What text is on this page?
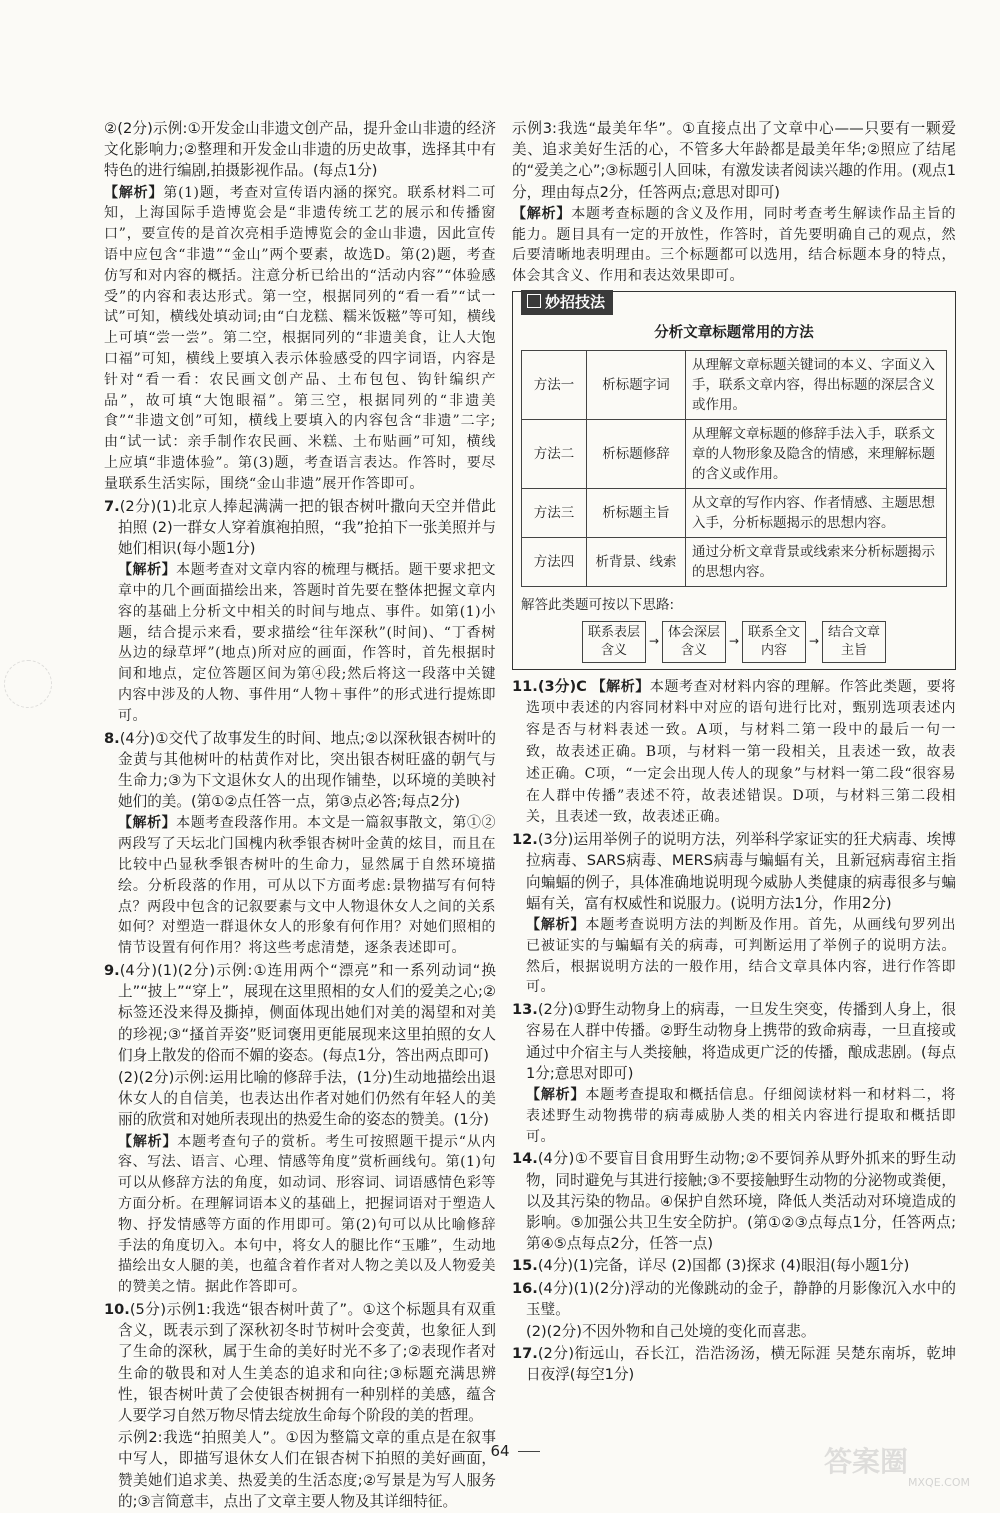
②(2分)示例:①开发金山非遗文创产品，提升金山非遗的经济文化影响力;②整理和开发金山非遗的历史故事，选择其中有特色的进行编剧,拍摄影视作品。(每点1分)

【解析】第(1)题，考查对宣传语内涵的探究。联系材料二可知，上海国际手造博览会是“非遗传统工艺的展示和传播窗口”，要宣传的是首次亮相手造博览会的金山非遗，因此宣传语中应包含“非遗”“金山”两个要素，故选D。第(2)题，考查仿写和对内容的概括。注意分析已给出的“活动内容”“体验感受”的内容和表达形式。第一空，根据同列的“看一看”“试一试”可知，横线处填动词;由“白龙糕、糯米饭糍”等可知，横线上可填“尝一尝”。第二空，根据同列的“非遗美食，让人大饱口福”可知，横线上要填入表示体验感受的四字词语，内容是针对“看一看：农民画文创产品、土布包包、钩针编织产品”，故可填“大饱眼福”。第三空，根据同列的“非遗美食”“非遗文创”可知，横线上要填入的内容包含“非遗”二字;由“试一试：亲手制作农民画、米糕、土布贴画”可知，横线上应填“非遗体验”。第(3)题，考查语言表达。作答时，要尽量联系生活实际，围绕“金山非遗”展开作答即可。

7.(2分)(1)北京人捧起满满一把的银杏树叶撒向天空并借此拍照 (2)一群女人穿着旗袍拍照，“我”抢拍下一张美照并与她们相识(每小题1分)

【解析】本题考查对文章内容的梳理与概括。题干要求把文章中的几个画面描绘出来，答题时首先要在整体把握文章内容的基础上分析文中相关的时间与地点、事件。如第(1)小题，结合提示来看，要求描绘“往年深秋”(时间)、“丁香树丛边的绿草坪”(地点)所对应的画面，作答时，首先根据时间和地点，定位答题区间为第④段;然后将这一段落中关键内容中涉及的人物、事件用“人物＋事件”的形式进行提炼即可。

8.(4分)①交代了故事发生的时间、地点;②以深秋银杏树叶的金黄与其他树叶的枯黄作对比，突出银杏树旺盛的朝气与生命力;③为下文退休女人的出现作铺垫，以环境的美映衬她们的美。(第①②点任答一点，第③点必答;每点2分)

【解析】本题考查段落作用。本文是一篇叙事散文，第①②两段写了天坛北门国槐内秋季银杏树叶金黄的炫目，而且在比较中凸显秋季银杏树叶的生命力，显然属于自然环境描绘。分析段落的作用，可从以下方面考虑:景物描写有何特点？两段中包含的记叙要素与文中人物退休女人之间的关系如何？对塑造一群退休女人的形象有何作用？对她们照相的情节设置有何作用？将这些考虑清楚，逐条表述即可。

9.(4分)(1)(2分)示例:①连用两个“漂亮”和一系列动词“换上”“披上”“穿上”，展现在这里照相的女人们的爱美之心;②标签还没来得及撕掉，侧面体现出她们对美的渴望和对美的珍视;③“搔首弄姿”贬词褒用更能展现来这里拍照的女人们身上散发的俗而不媚的姿态。(每点1分，答出两点即可)

(2)(2分)示例:运用比喻的修辞手法，(1分)生动地描绘出退休女人的自信美，也表达出作者对她们仍然有年轻人的美丽的欣赏和对她所表现出的热爱生命的姿态的赞美。(1分)

【解析】本题考查句子的赏析。考生可按照题干提示“从内容、写法、语言、心理、情感等角度”赏析画线句。第(1)句可以从修辞方法的角度，如动词、形容词、词语感情色彩等方面分析。在理解词语本义的基础上，把握词语对于塑造人物、抒发情感等方面的作用即可。第(2)句可以从比喻修辞手法的角度切入。本句中，将女人的腿比作“玉雕”，生动地描绘出女人腿的美，也蕴含着作者对人物之美以及人物爱美的赞美之情。据此作答即可。

10.(5分)示例1:我选“银杏树叶黄了”。①这个标题具有双重含义，既表示到了深秋初冬时节树叶会变黄，也象征人到了生命的深秋，属于生命的美好时光不多了;②表现作者对生命的敬畏和对人生美态的追求和向往;③标题充满思辨性，银杏树叶黄了会使银杏树拥有一种别样的美感，蕴含人要学习自然万物尽情去绽放生命每个阶段的美的哲理。

示例2:我选“拍照美人”。①因为整篇文章的重点是在叙事中写人，即描写退休女人们在银杏树下拍照的美好画面，赞美她们追求美、热爱美的生活态度;②写景是为写人服务的;③言简意丰，点出了文章主要人物及其详细特征。

示例3:我选“最美年华”。①直接点出了文章中心——只要有一颗爱美、追求美好生活的心，不管多大年龄都是最美年华;②照应了结尾的“爱美之心”;③标题引人回味，有激发读者阅读兴趣的作用。(观点1分，理由每点2分，任答两点;意思对即可)

【解析】本题考查标题的含义及作用，同时考查考生解读作品主旨的能力。题目具有一定的开放性，作答时，首先要明确自己的观点，然后要清晰地表明理由。三个标题都可以选用，结合标题本身的特点，体会其含义、作用和表达效果即可。

妙招技法
分析文章标题常用的方法
方法一	析标题字词	从理解文章标题关键词的本义、字面义入手，联系文章内容，得出标题的深层含义或作用。
方法二	析标题修辞	从理解文章标题的修辞手法入手，联系文章的人物形象及隐含的情感，来理解标题的含义或作用。
方法三	析标题主旨	从文章的写作内容、作者情感、主题思想入手，分析标题揭示的思想内容。
方法四	析背景、线索	通过分析文章背景或线索来分析标题揭示的思想内容。
解答此类题可按以下思路:
联系表层含义
→
体会深层含义
→
联系全文内容
→
结合文章主旨

11.(3分)C 【解析】本题考查对材料内容的理解。作答此类题，要将选项中表述的内容同材料中对应的语句进行比对，甄别选项表述内容是否与材料表述一致。A项，与材料二第一段中的最后一句一致，故表述正确。B项，与材料一第一段相关，且表述一致，故表述正确。C项，“一定会出现人传人的现象”与材料一第二段“很容易在人群中传播”表述不符，故表述错误。D项，与材料三第二段相关，且表述一致，故表述正确。

12.(3分)运用举例子的说明方法，列举科学家证实的狂犬病毒、埃博拉病毒、SARS病毒、MERS病毒与蝙蝠有关，且新冠病毒宿主指向蝙蝠的例子，具体准确地说明现今威胁人类健康的病毒很多与蝙蝠有关，富有权威性和说服力。(说明方法1分，作用2分)

【解析】本题考查说明方法的判断及作用。首先，从画线句罗列出已被证实的与蝙蝠有关的病毒，可判断运用了举例子的说明方法。然后，根据说明方法的一般作用，结合文章具体内容，进行作答即可。

13.(2分)①野生动物身上的病毒，一旦发生突变，传播到人身上，很容易在人群中传播。②野生动物身上携带的致命病毒，一旦直接或通过中介宿主与人类接触，将造成更广泛的传播，酿成悲剧。(每点1分;意思对即可)

【解析】本题考查提取和概括信息。仔细阅读材料一和材料二，将表述野生动物携带的病毒威胁人类的相关内容进行提取和概括即可。

14.(4分)①不要盲目食用野生动物;②不要饲养从野外抓来的野生动物，同时避免与其进行接触;③不要接触野生动物的分泌物或粪便，以及其污染的物品。④保护自然环境，降低人类活动对环境造成的影响。⑤加强公共卫生安全防护。(第①②③点每点1分，任答两点;第④⑤点每点2分，任答一点)

15.(4分)(1)完备，详尽 (2)国都 (3)探求 (4)眼泪(每小题1分)

16.(4分)(1)(2分)浮动的光像跳动的金子，静静的月影像沉入水中的玉璧。

(2)(2分)不因外物和自己处境的变化而喜悲。

17.(2分)衔远山，吞长江，浩浩汤汤，横无际涯 吴楚东南坼，乾坤日夜浮(每空1分)

64	答案圈
MXQE.COM
